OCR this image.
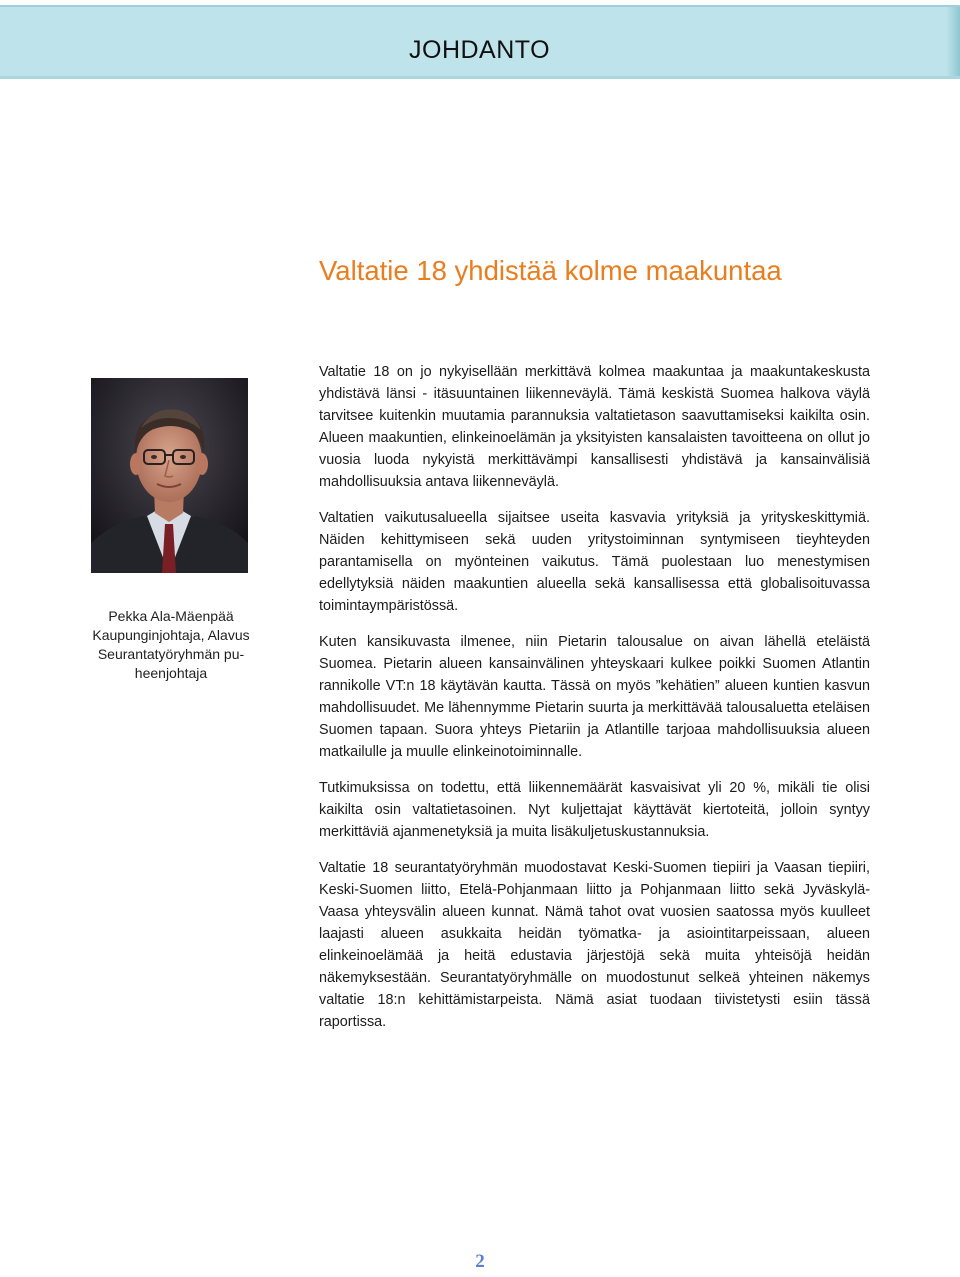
JOHDANTO
Valtatie 18 yhdistää kolme maakuntaa
Pekka Ala-Mäenpää
Kaupunginjohtaja, Alavus
Seurantatyöryhmän pu-
heenjohtaja

Valtatie 18 on jo nykyisellään merkittävä kolmea maakuntaa ja maakuntakeskusta yhdistävä länsi - itäsuuntainen liikenneväylä. Tämä keskistä Suomea halkova väylä tarvitsee kuitenkin muutamia parannuksia valtatietason saavuttamiseksi kaikilta osin. Alueen maakuntien, elinkeinoelämän ja yksityisten kansalaisten tavoitteena on ollut jo vuosia luoda nykyistä merkittävämpi kansallisesti yhdistävä ja kansainvälisiä mahdollisuuksia antava liikenneväylä.

Valtatien vaikutusalueella sijaitsee useita kasvavia yrityksiä ja yrityskeskittymiä. Näiden kehittymiseen sekä uuden yritystoiminnan syntymiseen tieyhteyden parantamisella on myönteinen vaikutus. Tämä puolestaan luo menestymisen edellytyksiä näiden maakuntien alueella sekä kansallisessa että globalisoituvassa toimintaympäristössä.

Kuten kansikuvasta ilmenee, niin Pietarin talousalue on aivan lähellä eteläistä Suomea. Pietarin alueen kansainvälinen yhteyskaari kulkee poikki Suomen Atlantin rannikolle VT:n 18 käytävän kautta. Tässä on myös ”kehätien” alueen kuntien kasvun mahdollisuudet. Me lähennymme Pietarin suurta ja merkittävää talousaluetta eteläisen Suomen tapaan. Suora yhteys Pietariin ja Atlantille tarjoaa mahdollisuuksia alueen matkailulle ja muulle elinkeinotoiminnalle.

Tutkimuksissa on todettu, että liikennemäärät kasvaisivat yli 20 %, mikäli tie olisi kaikilta osin valtatietasoinen. Nyt kuljettajat käyttävät kiertoteitä, jolloin syntyy merkittäviä ajanmenetyksiä ja muita lisäkuljetuskustannuksia.

Valtatie 18 seurantatyöryhmän muodostavat Keski-Suomen tiepiiri ja Vaasan tiepiiri, Keski-Suomen liitto, Etelä-Pohjanmaan liitto ja Pohjanmaan liitto sekä Jyväskylä-Vaasa yhteysvälin alueen kunnat. Nämä tahot ovat vuosien saatossa myös kuulleet laajasti alueen asukkaita heidän työmatka- ja asiointitarpeissaan, alueen elinkeinoelämää ja heitä edustavia järjestöjä sekä muita yhteisöjä heidän näkemyksestään. Seurantatyöryhmälle on muodostunut selkeä yhteinen näkemys valtatie 18:n kehittämistarpeista. Nämä asiat tuodaan tiivistetysti esiin tässä raportissa.

2
